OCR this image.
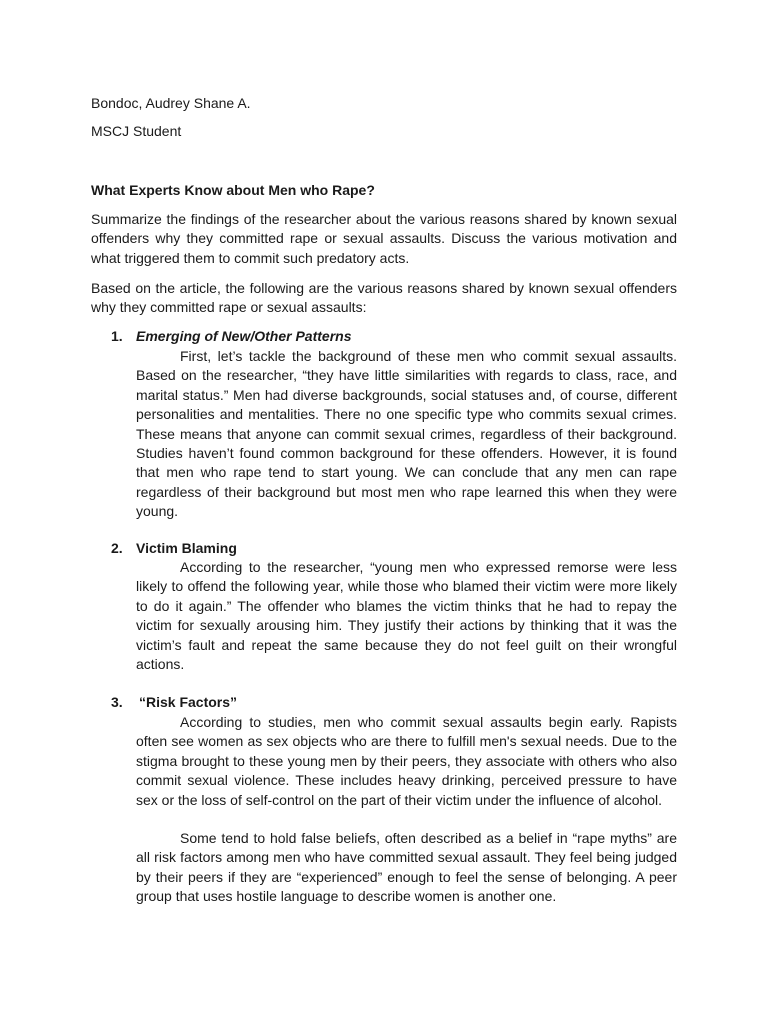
Bondoc, Audrey Shane A.
MSCJ Student
What Experts Know about Men who Rape?

Summarize the findings of the researcher about the various reasons shared by known sexual offenders why they committed rape or sexual assaults. Discuss the various motivation and what triggered them to commit such predatory acts.

Based on the article, the following are the various reasons shared by known sexual offenders why they committed rape or sexual assaults:

1. Emerging of New/Other Patterns

First, let’s tackle the background of these men who commit sexual assaults. Based on the researcher, “they have little similarities with regards to class, race, and marital status.” Men had diverse backgrounds, social statuses and, of course, different personalities and mentalities. There no one specific type who commits sexual crimes. These means that anyone can commit sexual crimes, regardless of their background. Studies haven’t found common background for these offenders. However, it is found that men who rape tend to start young. We can conclude that any men can rape regardless of their background but most men who rape learned this when they were young.

2. Victim Blaming

According to the researcher, “young men who expressed remorse were less likely to offend the following year, while those who blamed their victim were more likely to do it again.” The offender who blames the victim thinks that he had to repay the victim for sexually arousing him. They justify their actions by thinking that it was the victim’s fault and repeat the same because they do not feel guilt on their wrongful actions.

3. “Risk Factors”

According to studies, men who commit sexual assaults begin early. Rapists often see women as sex objects who are there to fulfill men's sexual needs. Due to the stigma brought to these young men by their peers, they associate with others who also commit sexual violence. These includes heavy drinking, perceived pressure to have sex or the loss of self-control on the part of their victim under the influence of alcohol.

Some tend to hold false beliefs, often described as a belief in “rape myths” are all risk factors among men who have committed sexual assault. They feel being judged by their peers if they are “experienced” enough to feel the sense of belonging. A peer group that uses hostile language to describe women is another one.
